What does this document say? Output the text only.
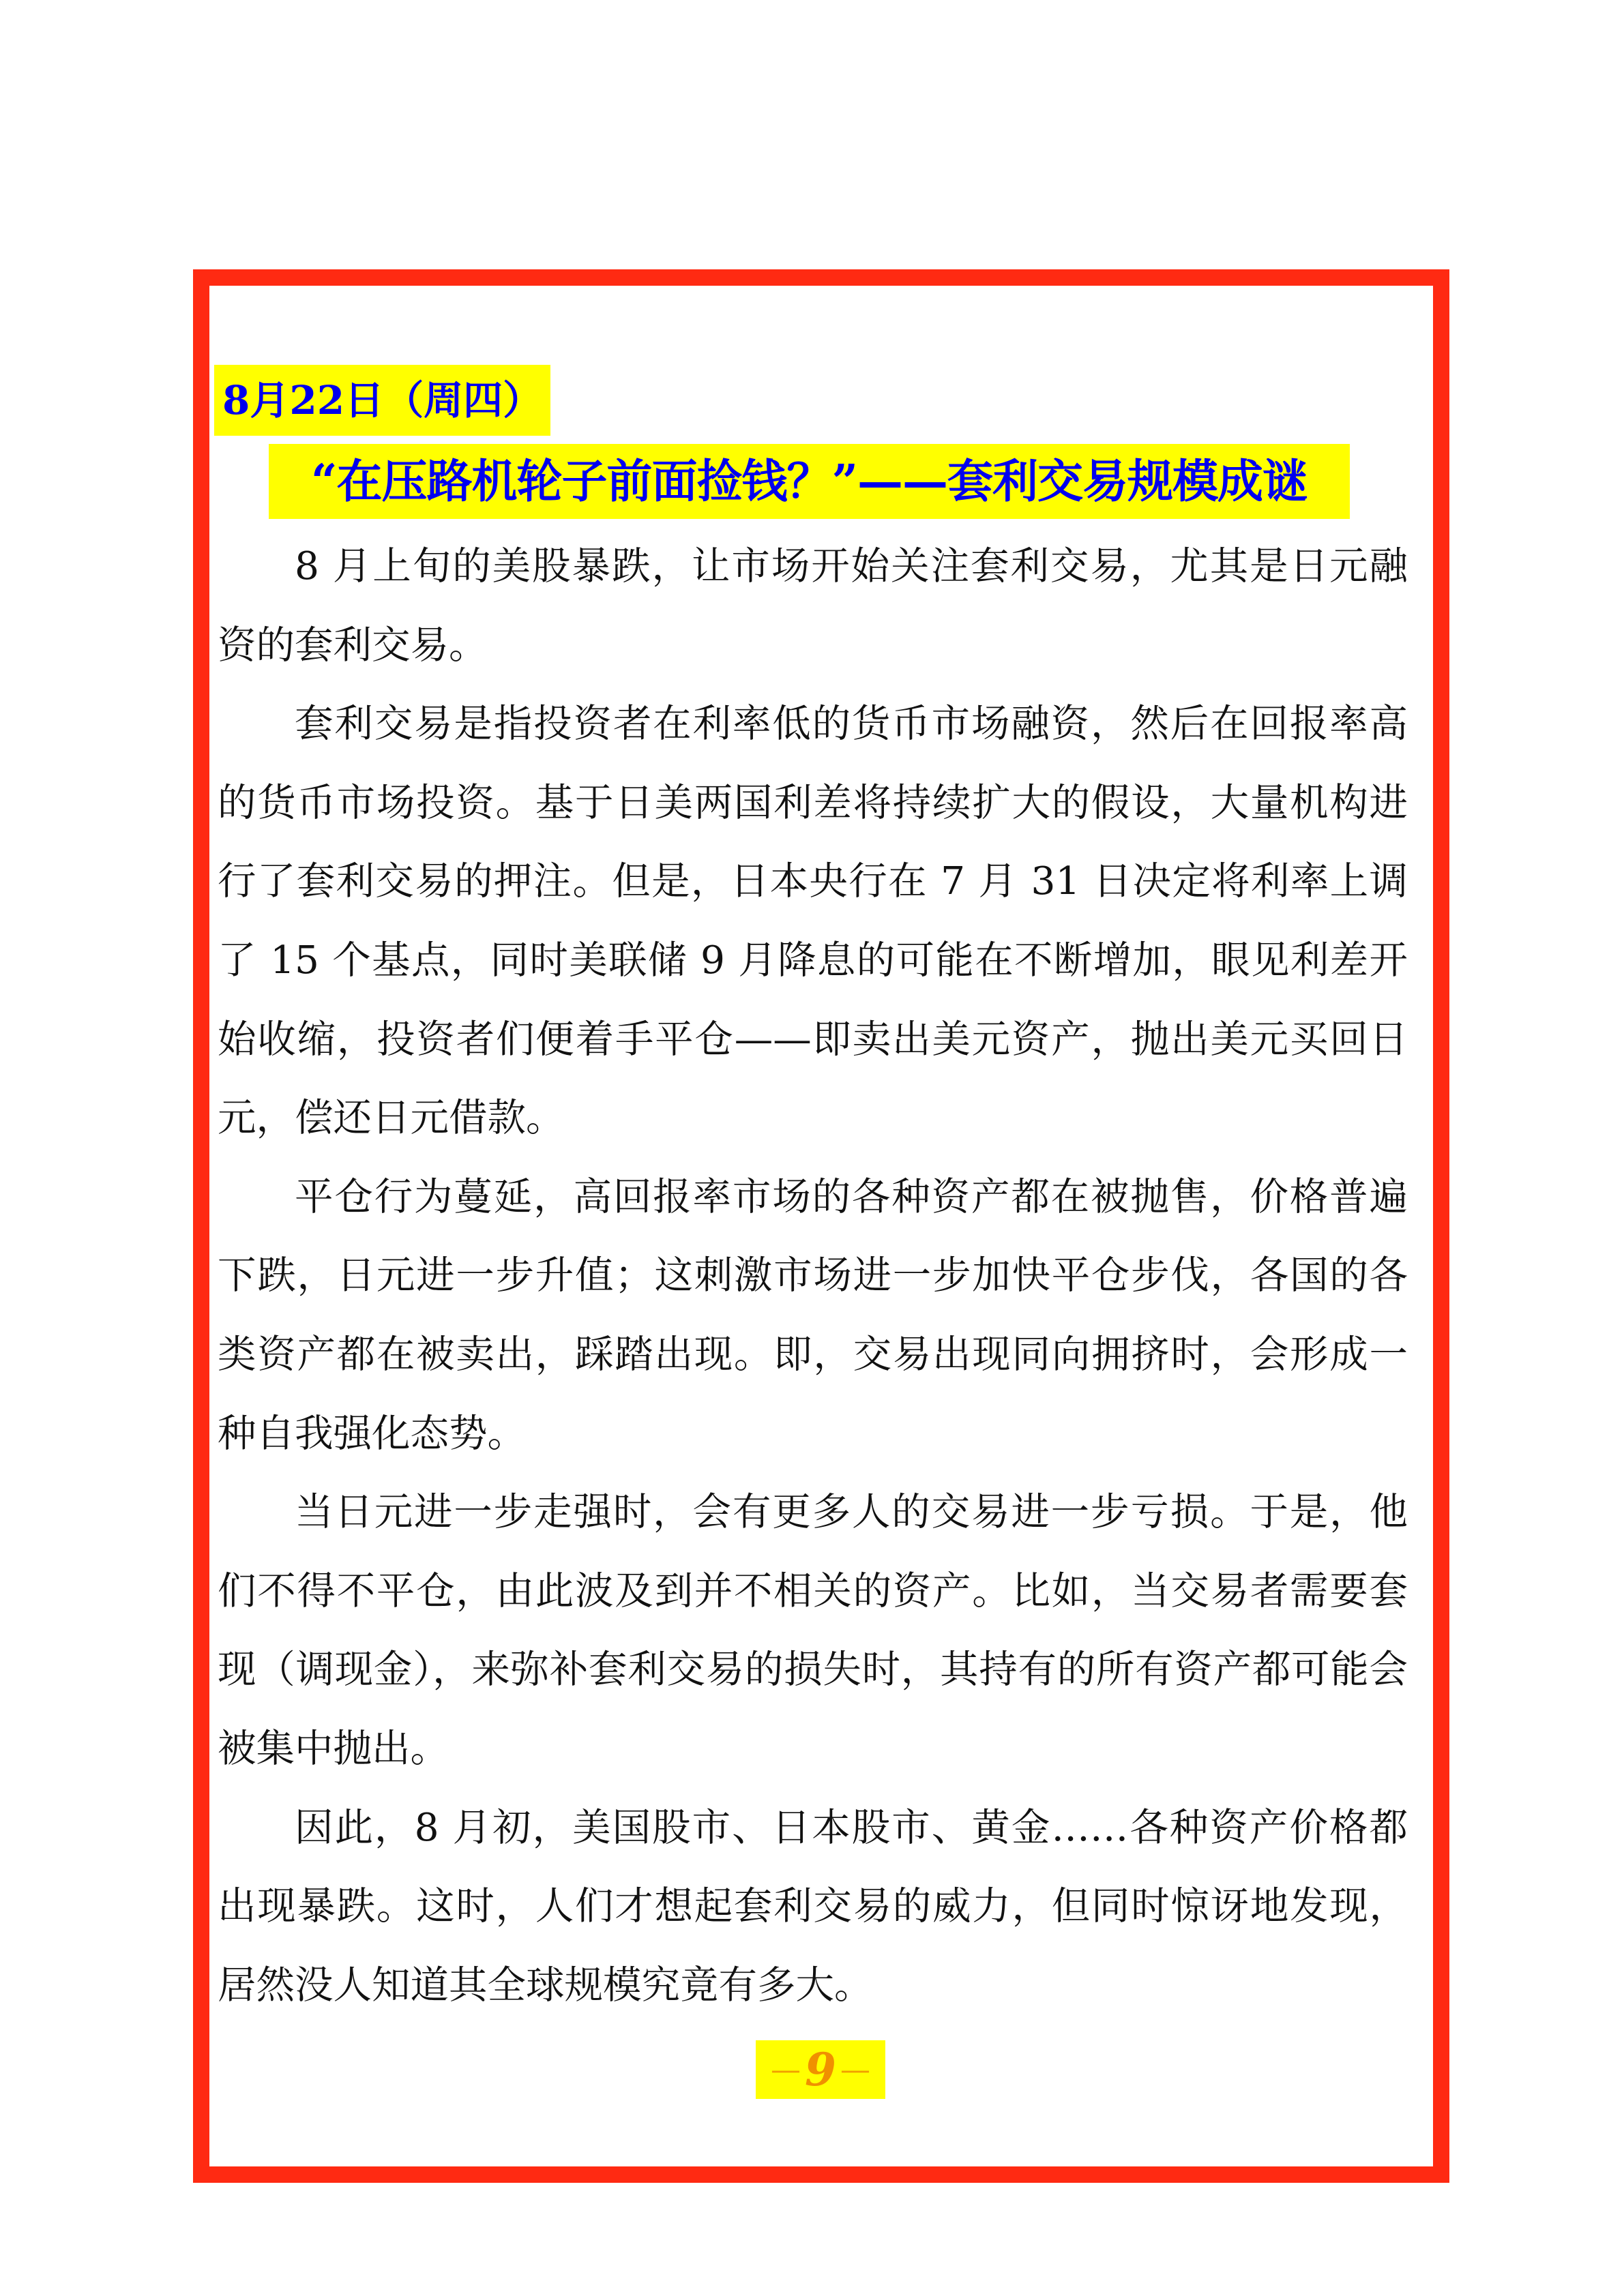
8月22日（周四）
“在压路机轮子前面捡钱？”——套利交易规模成谜

8 月上旬的美股暴跌，让市场开始关注套利交易，尤其是日元融资的套利交易。

套利交易是指投资者在利率低的货币市场融资，然后在回报率高的货币市场投资。基于日美两国利差将持续扩大的假设，大量机构进行了套利交易的押注。但是，日本央行在 7 月 31 日决定将利率上调了 15 个基点，同时美联储 9 月降息的可能在不断增加，眼见利差开始收缩，投资者们便着手平仓——即卖出美元资产，抛出美元买回日元，偿还日元借款。

平仓行为蔓延，高回报率市场的各种资产都在被抛售，价格普遍下跌，日元进一步升值；这刺激市场进一步加快平仓步伐，各国的各类资产都在被卖出，踩踏出现。即，交易出现同向拥挤时，会形成一种自我强化态势。

当日元进一步走强时，会有更多人的交易进一步亏损。于是，他们不得不平仓，由此波及到并不相关的资产。比如，当交易者需要套现（调现金），来弥补套利交易的损失时，其持有的所有资产都可能会被集中抛出。

因此，8 月初，美国股市、日本股市、黄金……各种资产价格都出现暴跌。这时，人们才想起套利交易的威力，但同时惊讶地发现，居然没人知道其全球规模究竟有多大。

— 9 —
